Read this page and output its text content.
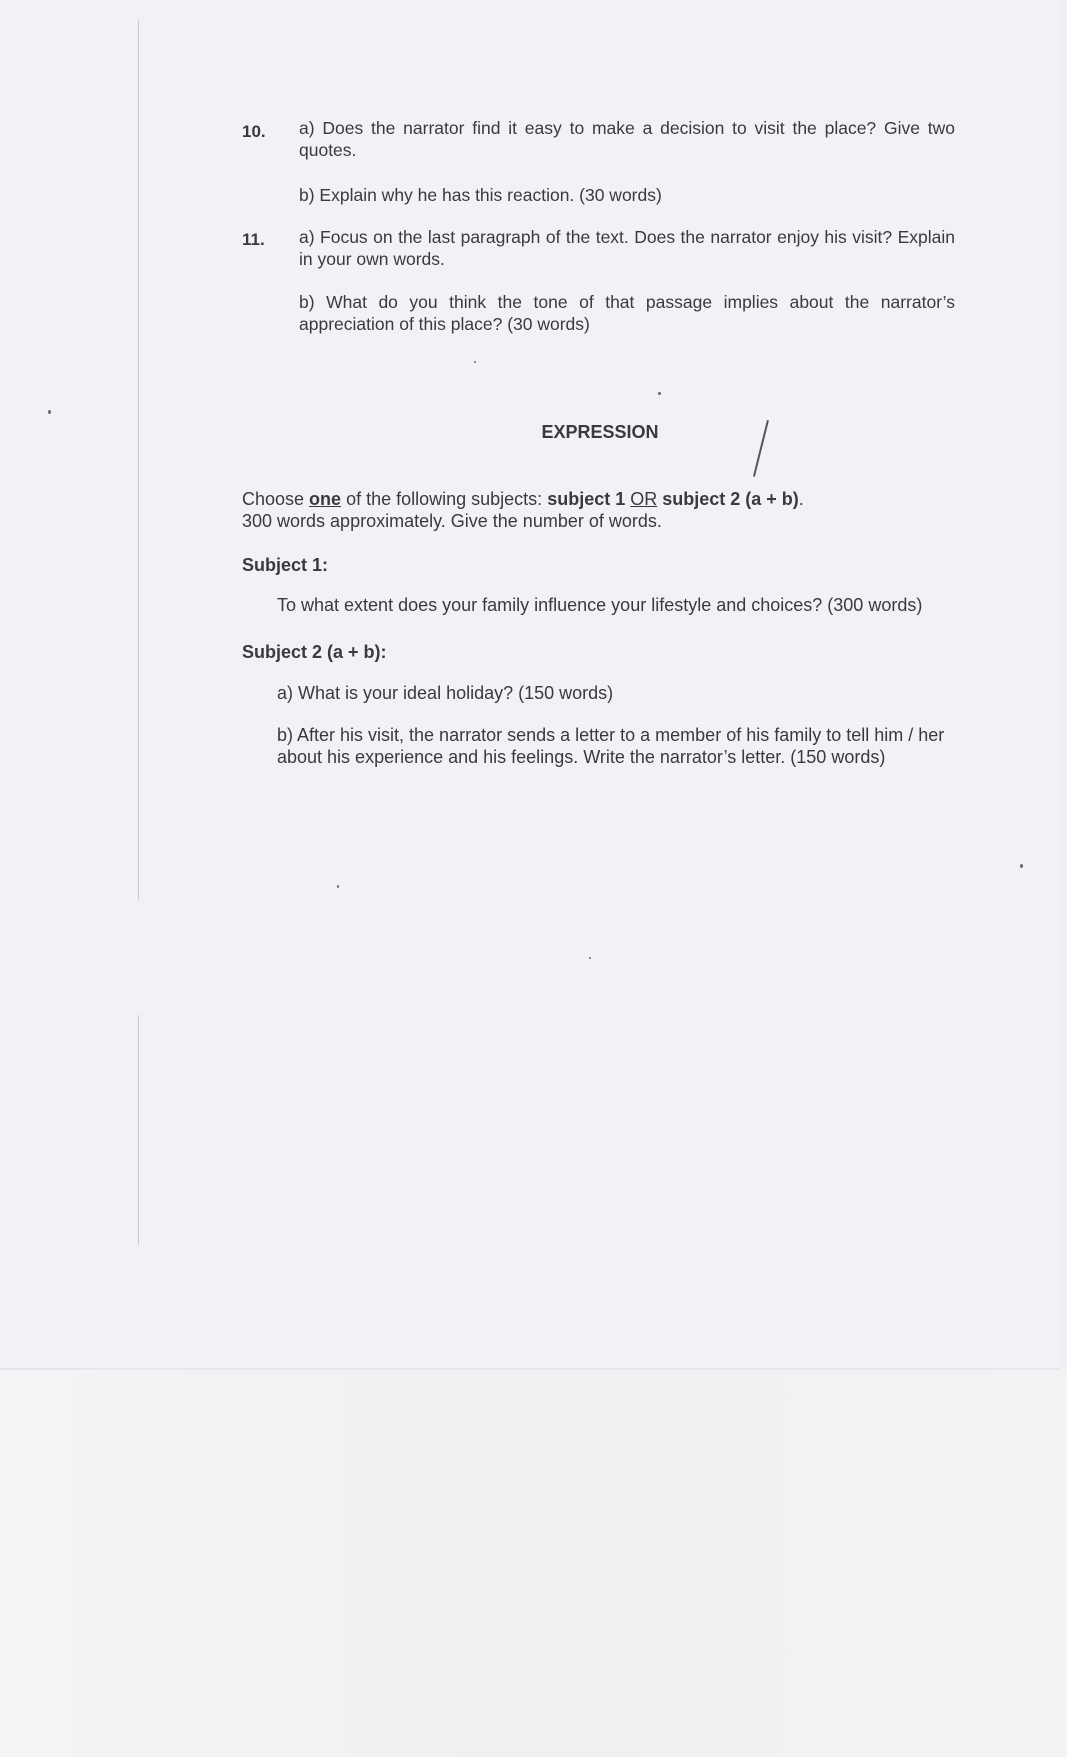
10. a) Does the narrator find it easy to make a decision to visit the place? Give two quotes.
b) Explain why he has this reaction. (30 words)
11. a) Focus on the last paragraph of the text. Does the narrator enjoy his visit? Explain in your own words.
b) What do you think the tone of that passage implies about the narrator’s appreciation of this place? (30 words)
EXPRESSION
Choose one of the following subjects: subject 1 OR subject 2 (a + b).
300 words approximately. Give the number of words.
Subject 1:
To what extent does your family influence your lifestyle and choices? (300 words)
Subject 2 (a + b):
a) What is your ideal holiday? (150 words)
b) After his visit, the narrator sends a letter to a member of his family to tell him / her about his experience and his feelings. Write the narrator’s letter. (150 words)
